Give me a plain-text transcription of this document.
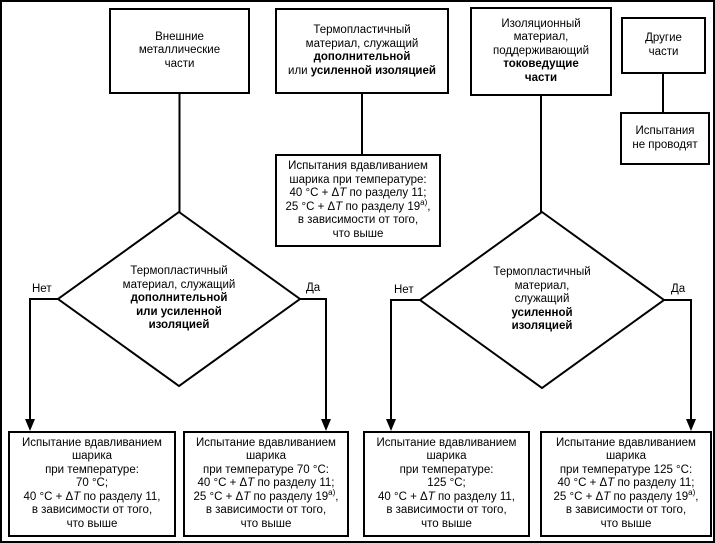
Внешние
металлические
части
Термопластичный
материал, служащий
дополнительной
или усиленной изоляцией
Изоляционный
материал,
поддерживающий
токоведущие
части
Другие
части
Испытания
не проводят
Испытания вдавливанием
шарика при температуре:
40 °C + ΔT по разделу 11;
25 °C + ΔT по разделу $19^{а)}$,
в зависимости от того,
что выше
Термопластичный
материал, служащий
дополнительной
или усиленной
изоляцией
Термопластичный
материал,
служащий
усиленной
изоляцией
Нет	Да	Нет	Да
Испытание вдавливанием
шарика
при температуре:
70 °C;
40 °C + ΔT по разделу 11,
в зависимости от того,
что выше
Испытание вдавливанием
шарика
при температуре 70 °C:
40 °C + ΔT по разделу 11;
25 °C + ΔT по разделу $19^{а)}$,
в зависимости от того,
что выше
Испытание вдавливанием
шарика
при температуре:
125 °C;
40 °C + ΔT по разделу 11,
в зависимости от того,
что выше
Испытание вдавливанием
шарика
при температуре 125 °C:
40 °C + ΔT по разделу 11;
25 °C + ΔT по разделу $19^{а)}$,
в зависимости от того,
что выше
